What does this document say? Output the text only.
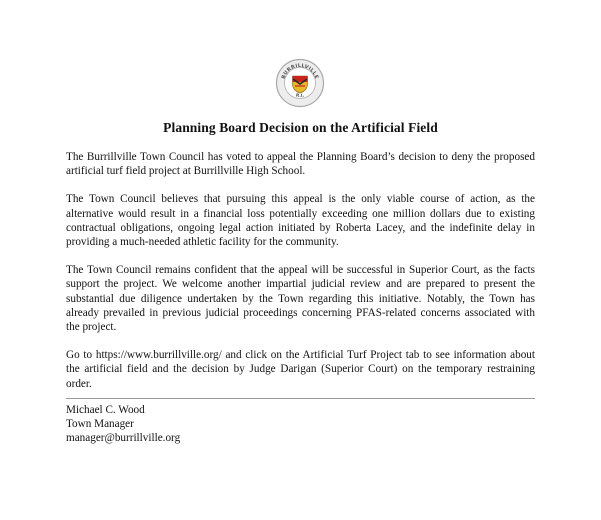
BURRILLVILLE
R.I.
Planning Board Decision on the Artificial Field

The Burrillville Town Council has voted to appeal the Planning Board’s decision to deny the proposed artificial turf field project at Burrillville High School.

The Town Council believes that pursuing this appeal is the only viable course of action, as the alternative would result in a financial loss potentially exceeding one million dollars due to existing contractual obligations, ongoing legal action initiated by Roberta Lacey, and the indefinite delay in providing a much-needed athletic facility for the community.

The Town Council remains confident that the appeal will be successful in Superior Court, as the facts support the project. We welcome another impartial judicial review and are prepared to present the substantial due diligence undertaken by the Town regarding this initiative. Notably, the Town has already prevailed in previous judicial proceedings concerning PFAS-related concerns associated with the project.

Go to https://www.burrillville.org/ and click on the Artificial Turf Project tab to see information about the artificial field and the decision by Judge Darigan (Superior Court) on the temporary restraining order.

Michael C. Wood
Town Manager
manager@burrillville.org
